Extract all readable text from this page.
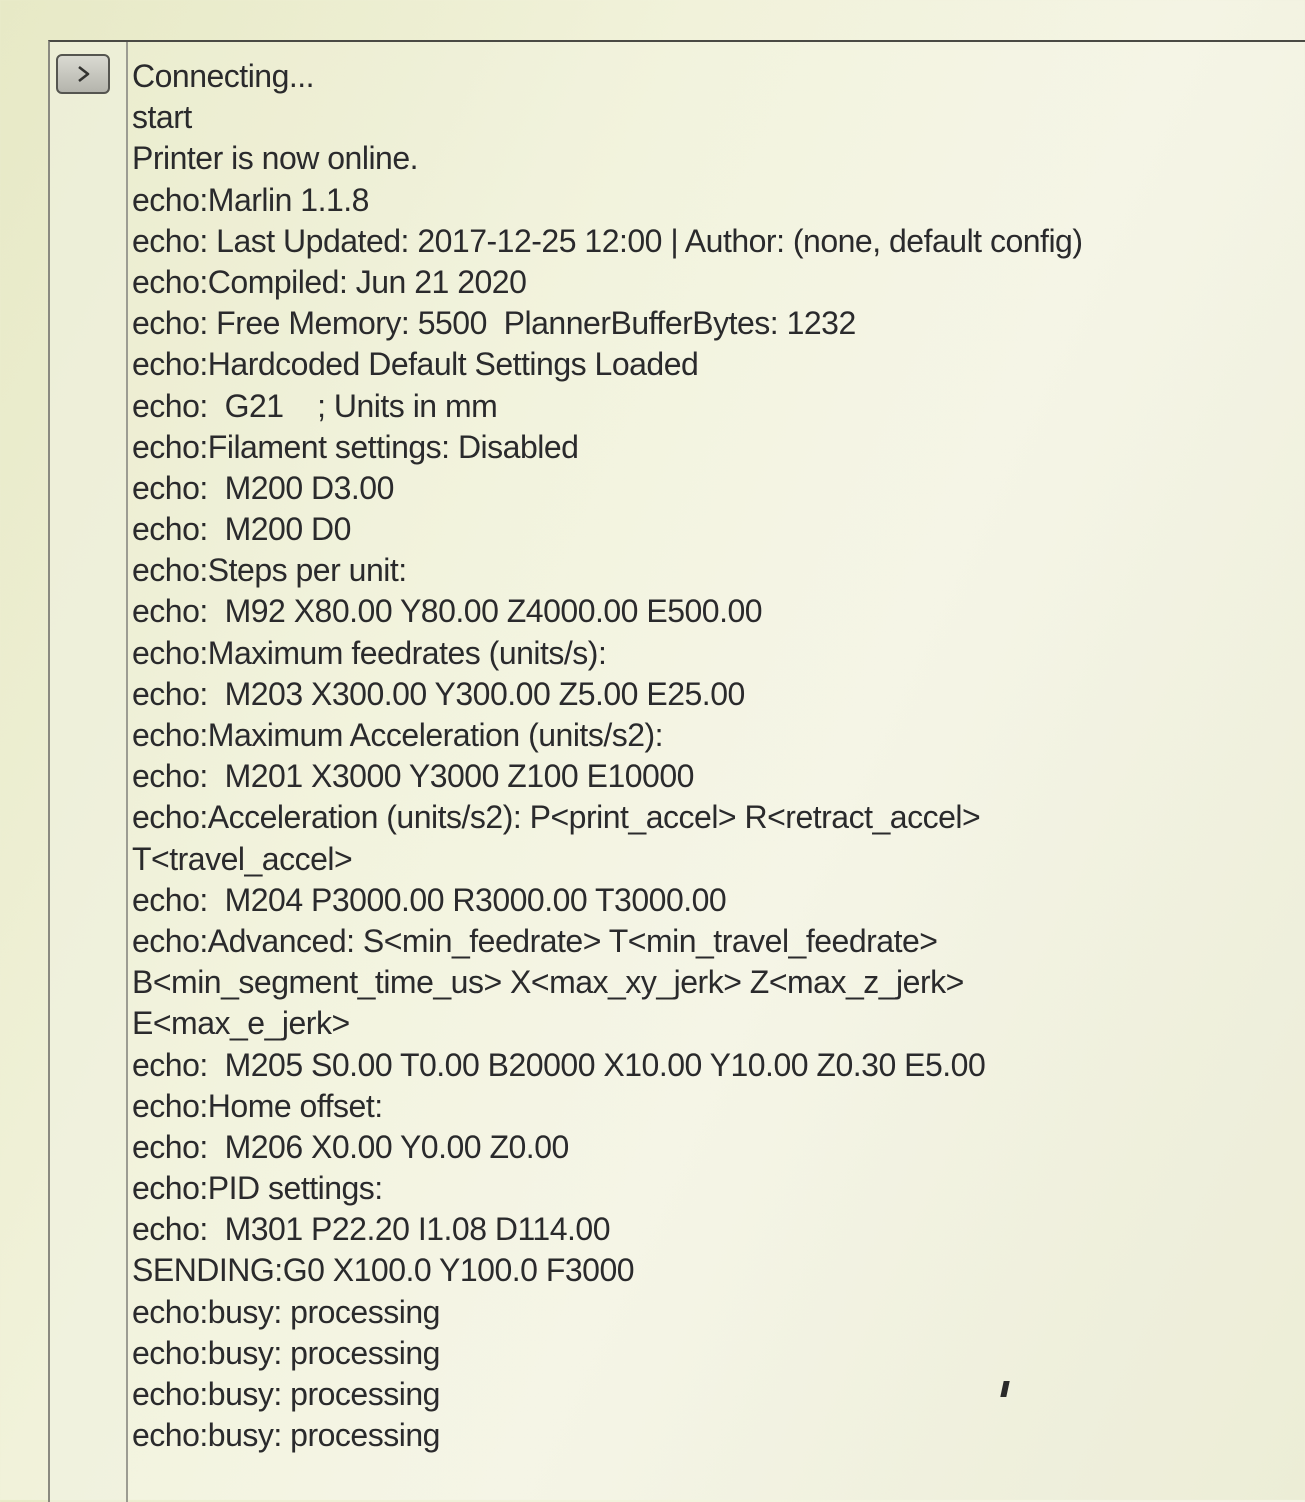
Connecting...
start
Printer is now online.
echo:Marlin 1.1.8
echo: Last Updated: 2017-12-25 12:00 | Author: (none, default config)
echo:Compiled: Jun 21 2020
echo: Free Memory: 5500  PlannerBufferBytes: 1232
echo:Hardcoded Default Settings Loaded
echo:  G21    ; Units in mm
echo:Filament settings: Disabled
echo:  M200 D3.00
echo:  M200 D0
echo:Steps per unit:
echo:  M92 X80.00 Y80.00 Z4000.00 E500.00
echo:Maximum feedrates (units/s):
echo:  M203 X300.00 Y300.00 Z5.00 E25.00
echo:Maximum Acceleration (units/s2):
echo:  M201 X3000 Y3000 Z100 E10000
echo:Acceleration (units/s2): P<print_accel> R<retract_accel>
T<travel_accel>
echo:  M204 P3000.00 R3000.00 T3000.00
echo:Advanced: S<min_feedrate> T<min_travel_feedrate>
B<min_segment_time_us> X<max_xy_jerk> Z<max_z_jerk>
E<max_e_jerk>
echo:  M205 S0.00 T0.00 B20000 X10.00 Y10.00 Z0.30 E5.00
echo:Home offset:
echo:  M206 X0.00 Y0.00 Z0.00
echo:PID settings:
echo:  M301 P22.20 I1.08 D114.00
SENDING:G0 X100.0 Y100.0 F3000
echo:busy: processing
echo:busy: processing
echo:busy: processing
echo:busy: processing
